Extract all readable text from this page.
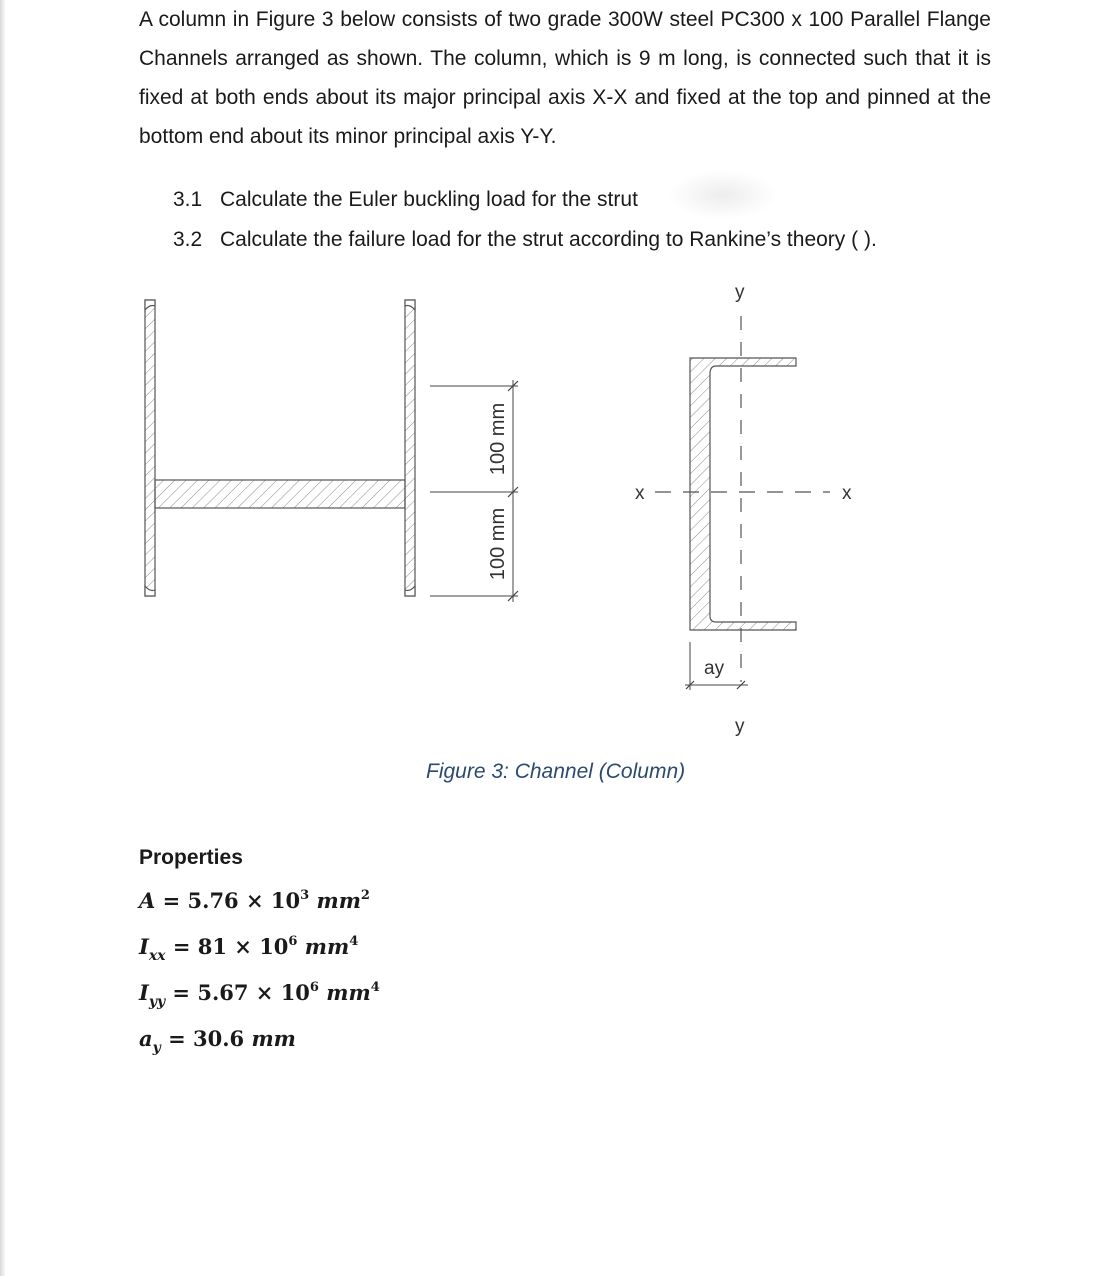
A column in Figure 3 below consists of two grade 300W steel PC300 x 100 Parallel Flange Channels arranged as shown. The column, which is 9 m long, is connected such that it is fixed at both ends about its major principal axis X-X and fixed at the top and pinned at the bottom end about its minor principal axis Y-Y.

3.1 Calculate the Euler buckling load for the strut
3.2 Calculate the failure load for the strut according to Rankine’s theory ( ).
100 mm
100 mm
x	x
y
y
ay
Figure 3: Channel (Column)
Properties
$A = 5.76 \times 10^3$ $mm^2$
$I_{xx} = 81 \times 10^6$ $mm^4$
$I_{yy} = 5.67 \times 10^6$ $mm^4$
$a_y = 30.6$ mm
